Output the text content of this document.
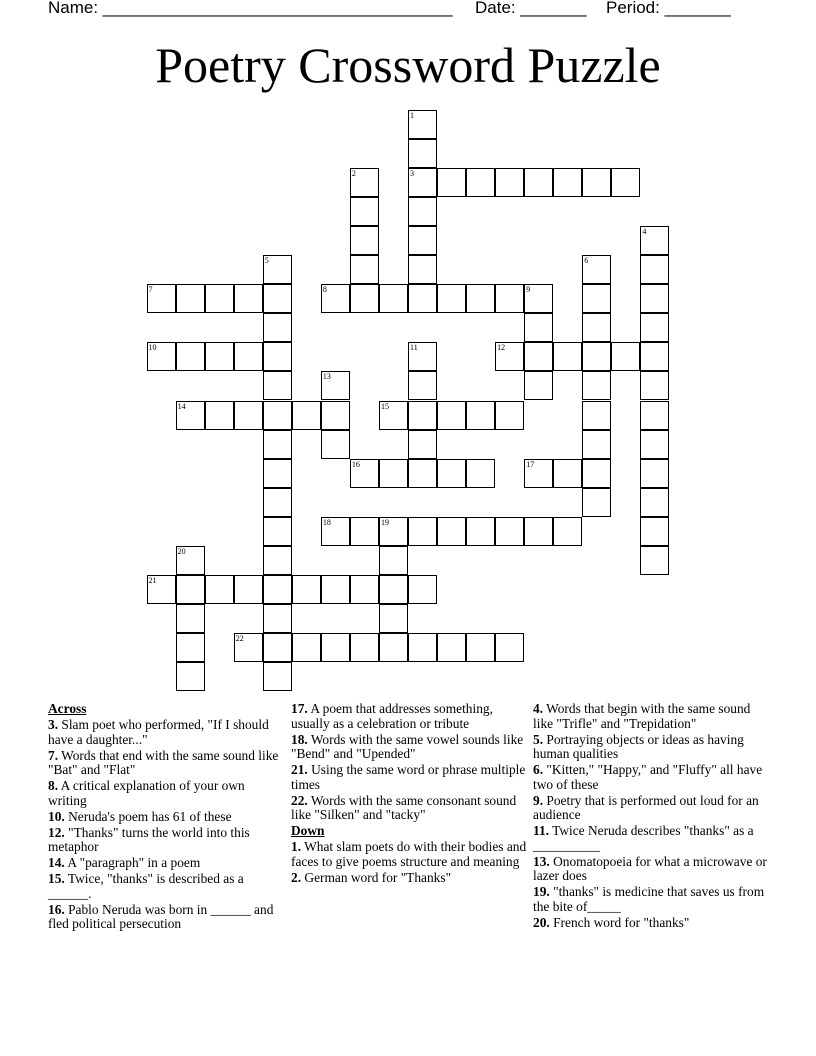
Name: _____________________________________ Date: _______ Period: _______
Poetry Crossword Puzzle
3
7	8	9
10	12
14	15
16	17
18	19
21
22
1
2
4
5	6
11
13
20
Across
3. Slam poet who performed, "If I should have a daughter..."
7. Words that end with the same sound like "Bat" and "Flat"
8. A critical explanation of your own writing
10. Neruda's poem has 61 of these
12. "Thanks" turns the world into this metaphor
14. A "paragraph" in a poem
15. Twice, "thanks" is described as a ______.
16. Pablo Neruda was born in ______ and fled political persecution
17. A poem that addresses something, usually as a celebration or tribute
18. Words with the same vowel sounds like "Bend" and "Upended"
21. Using the same word or phrase multiple times
22. Words with the same consonant sound like "Silken" and "tacky"
Down
1. What slam poets do with their bodies and faces to give poems structure and meaning
2. German word for "Thanks"
4. Words that begin with the same sound like "Trifle" and "Trepidation"
5. Portraying objects or ideas as having human qualities
6. "Kitten," "Happy," and "Fluffy" all have two of these
9. Poetry that is performed out loud for an audience
11. Twice Neruda describes "thanks" as a __________
13. Onomatopoeia for what a microwave or lazer does
19. "thanks" is medicine that saves us from the bite of_____
20. French word for "thanks"
